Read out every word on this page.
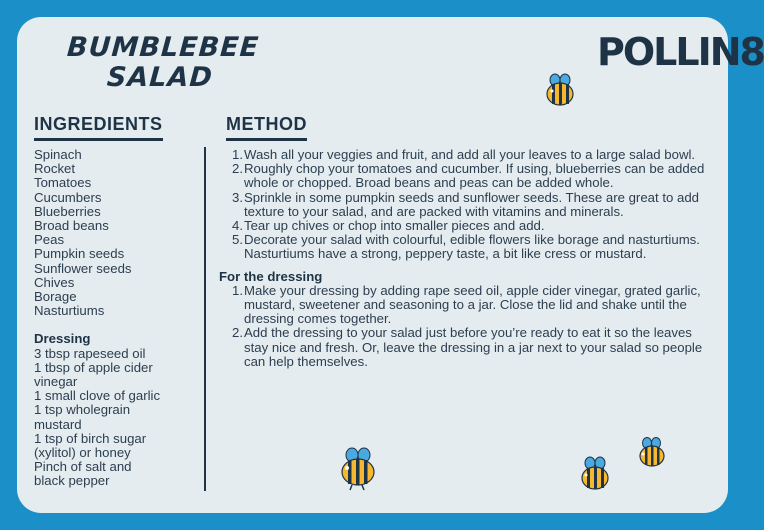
BUMBLEBEE
SALAD
POLLIN8
INGREDIENTS	METHOD
Spinach
Rocket
Tomatoes
Cucumbers
Blueberries
Broad beans
Peas
Pumpkin seeds
Sunflower seeds
Chives
Borage
Nasturtiums
Dressing
3 tbsp rapeseed oil
1 tbsp of apple cider
vinegar
1 small clove of garlic
1 tsp wholegrain
mustard
1 tsp of birch sugar
(xylitol) or honey
Pinch of salt and
black pepper
1. Wash all your veggies and fruit, and add all your leaves to a large salad bowl.
2. Roughly chop your tomatoes and cucumber. If using, blueberries can be added whole or chopped. Broad beans and peas can be added whole.
3. Sprinkle in some pumpkin seeds and sunflower seeds. These are great to add texture to your salad, and are packed with vitamins and minerals.
4. Tear up chives or chop into smaller pieces and add.
5. Decorate your salad with colourful, edible flowers like borage and nasturtiums. Nasturtiums have a strong, peppery taste, a bit like cress or mustard.
For the dressing
1. Make your dressing by adding rape seed oil, apple cider vinegar, grated garlic, mustard, sweetener and seasoning to a jar. Close the lid and shake until the dressing comes together.
2. Add the dressing to your salad just before you’re ready to eat it so the leaves stay nice and fresh. Or, leave the dressing in a jar next to your salad so people can help themselves.
